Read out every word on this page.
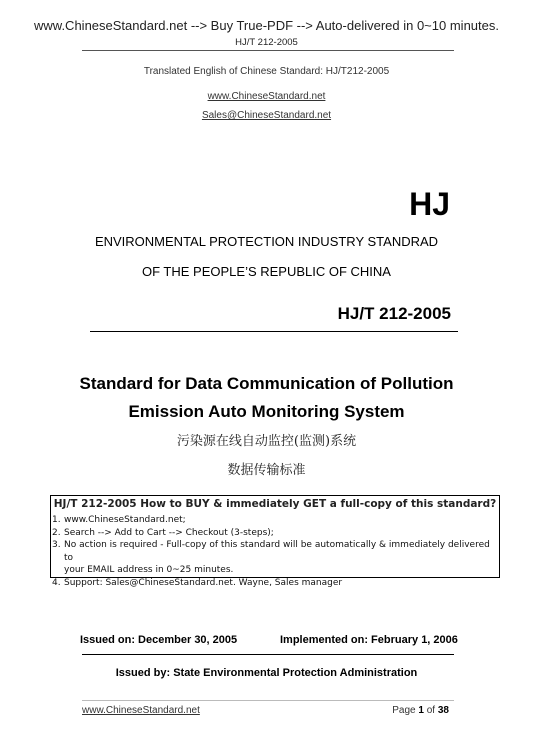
www.ChineseStandard.net --> Buy True-PDF --> Auto-delivered in 0~10 minutes.
HJ/T 212-2005
Translated English of Chinese Standard: HJ/T212-2005
www.ChineseStandard.net
Sales@ChineseStandard.net
HJ
ENVIRONMENTAL PROTECTION INDUSTRY STANDRAD
OF THE PEOPLE’S REPUBLIC OF CHINA
HJ/T 212-2005
Standard for Data Communication of Pollution
Emission Auto Monitoring System
污染源在线自动监控(监测)系统
数据传输标准
HJ/T 212-2005 How to BUY & immediately GET a full-copy of this standard?
1. www.ChineseStandard.net;
2. Search --> Add to Cart --> Checkout (3-steps);
3. No action is required - Full-copy of this standard will be automatically & immediately delivered to
your EMAIL address in 0~25 minutes.
4. Support: Sales@ChineseStandard.net. Wayne, Sales manager
Issued on: December 30, 2005	Implemented on: February 1, 2006
Issued by: State Environmental Protection Administration
www.ChineseStandard.net	Page 1 of 38
